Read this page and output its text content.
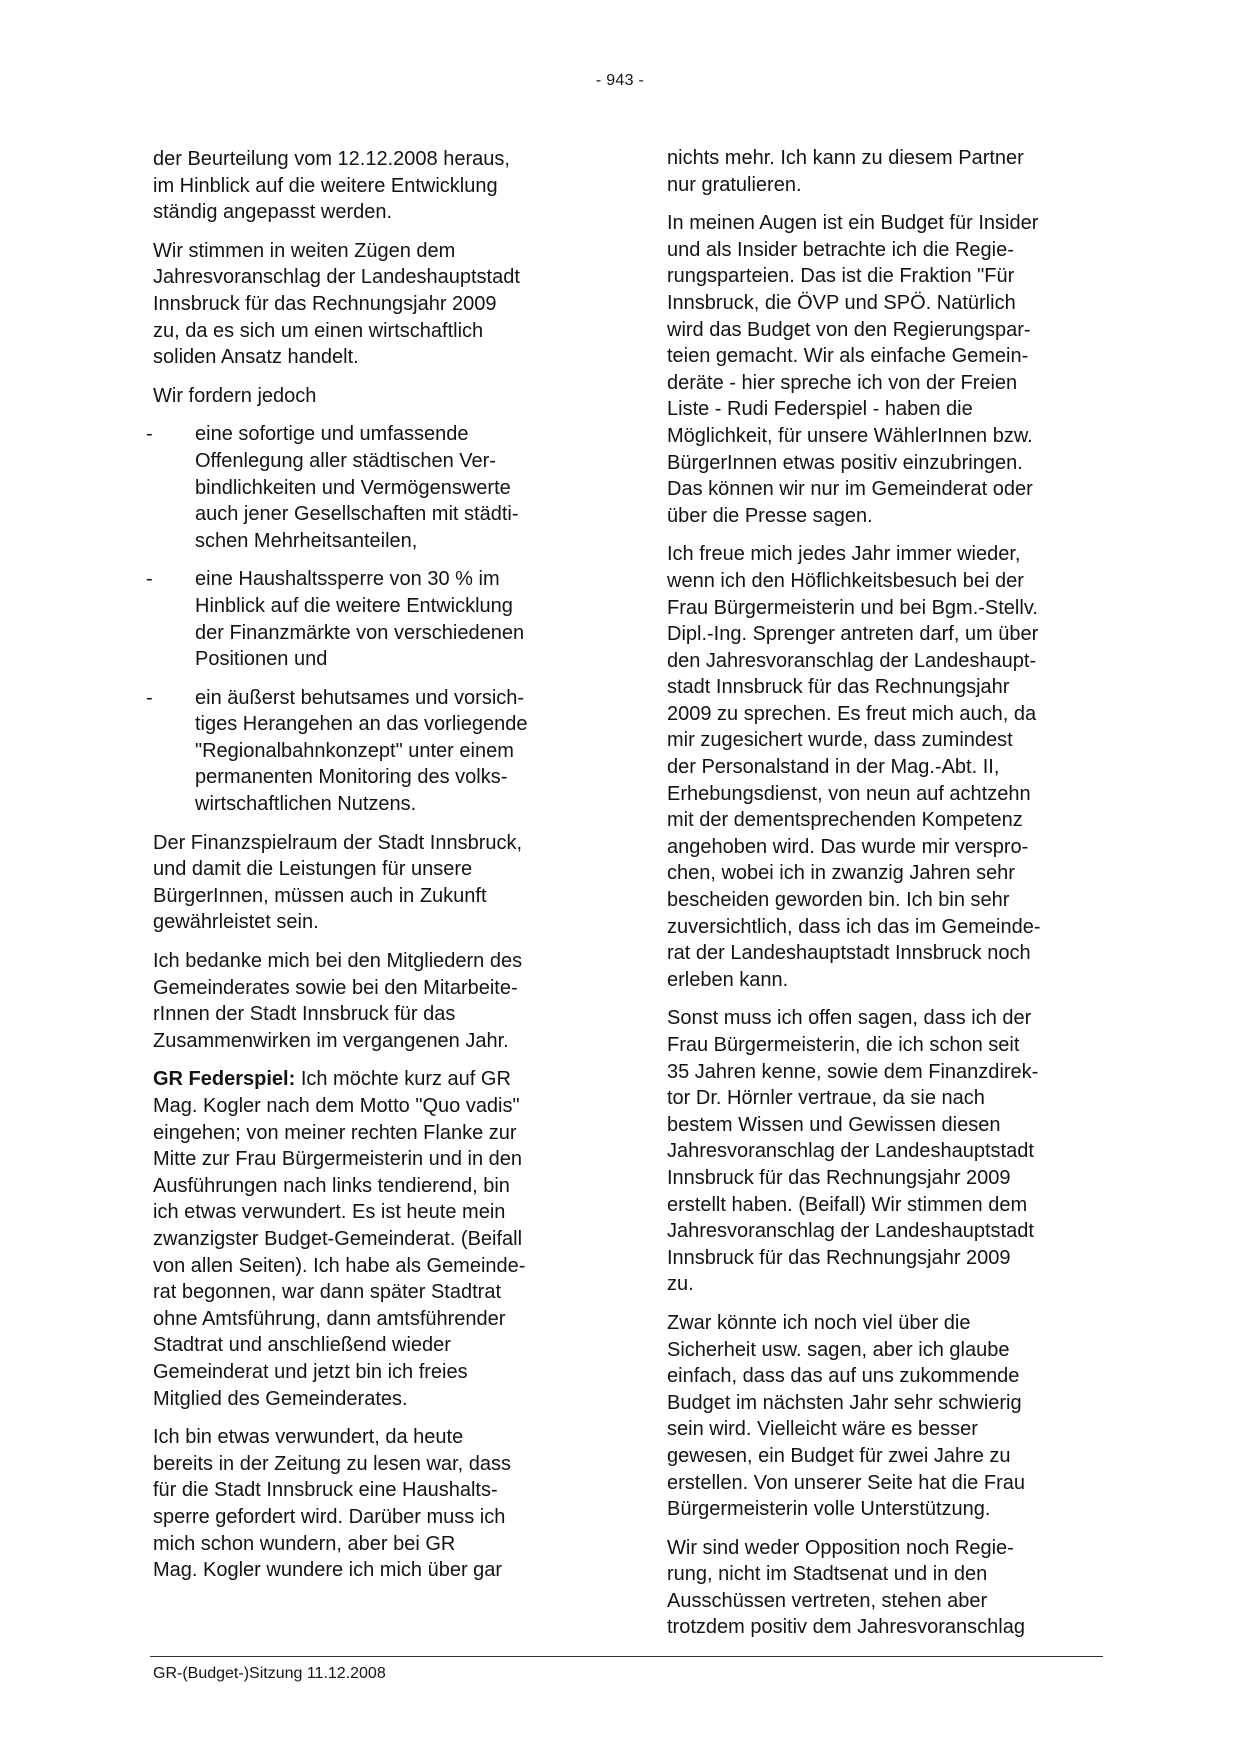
- 943 -

der Beurteilung vom 12.12.2008 heraus,
im Hinblick auf die weitere Entwicklung
ständig angepasst werden.

Wir stimmen in weiten Zügen dem
Jahresvoranschlag der Landeshauptstadt
Innsbruck für das Rechnungsjahr 2009
zu, da es sich um einen wirtschaftlich
soliden Ansatz handelt.

Wir fordern jedoch

- eine sofortige und umfassende
Offenlegung aller städtischen Ver-
bindlichkeiten und Vermögenswerte
auch jener Gesellschaften mit städti-
schen Mehrheitsanteilen,
- eine Haushaltssperre von 30 % im
Hinblick auf die weitere Entwicklung
der Finanzmärkte von verschiedenen
Positionen und
- ein äußerst behutsames und vorsich-
tiges Herangehen an das vorliegende
"Regionalbahnkonzept" unter einem
permanenten Monitoring des volks-
wirtschaftlichen Nutzens.

Der Finanzspielraum der Stadt Innsbruck,
und damit die Leistungen für unsere
BürgerInnen, müssen auch in Zukunft
gewährleistet sein.

Ich bedanke mich bei den Mitgliedern des
Gemeinderates sowie bei den Mitarbeite-
rInnen der Stadt Innsbruck für das
Zusammenwirken im vergangenen Jahr.

GR Federspiel: Ich möchte kurz auf GR
Mag. Kogler nach dem Motto "Quo vadis"
eingehen; von meiner rechten Flanke zur
Mitte zur Frau Bürgermeisterin und in den
Ausführungen nach links tendierend, bin
ich etwas verwundert. Es ist heute mein
zwanzigster Budget-Gemeinderat. (Beifall
von allen Seiten). Ich habe als Gemeinde-
rat begonnen, war dann später Stadtrat
ohne Amtsführung, dann amtsführender
Stadtrat und anschließend wieder
Gemeinderat und jetzt bin ich freies
Mitglied des Gemeinderates.

Ich bin etwas verwundert, da heute
bereits in der Zeitung zu lesen war, dass
für die Stadt Innsbruck eine Haushalts-
sperre gefordert wird. Darüber muss ich
mich schon wundern, aber bei GR
Mag. Kogler wundere ich mich über gar

nichts mehr. Ich kann zu diesem Partner
nur gratulieren.

In meinen Augen ist ein Budget für Insider
und als Insider betrachte ich die Regie-
rungsparteien. Das ist die Fraktion "Für
Innsbruck, die ÖVP und SPÖ. Natürlich
wird das Budget von den Regierungspar-
teien gemacht. Wir als einfache Gemein-
deräte - hier spreche ich von der Freien
Liste - Rudi Federspiel - haben die
Möglichkeit, für unsere WählerInnen bzw.
BürgerInnen etwas positiv einzubringen.
Das können wir nur im Gemeinderat oder
über die Presse sagen.

Ich freue mich jedes Jahr immer wieder,
wenn ich den Höflichkeitsbesuch bei der
Frau Bürgermeisterin und bei Bgm.-Stellv.
Dipl.-Ing. Sprenger antreten darf, um über
den Jahresvoranschlag der Landeshaupt-
stadt Innsbruck für das Rechnungsjahr
2009 zu sprechen. Es freut mich auch, da
mir zugesichert wurde, dass zumindest
der Personalstand in der Mag.-Abt. II,
Erhebungsdienst, von neun auf achtzehn
mit der dementsprechenden Kompetenz
angehoben wird. Das wurde mir verspro-
chen, wobei ich in zwanzig Jahren sehr
bescheiden geworden bin. Ich bin sehr
zuversichtlich, dass ich das im Gemeinde-
rat der Landeshauptstadt Innsbruck noch
erleben kann.

Sonst muss ich offen sagen, dass ich der
Frau Bürgermeisterin, die ich schon seit
35 Jahren kenne, sowie dem Finanzdirek-
tor Dr. Hörnler vertraue, da sie nach
bestem Wissen und Gewissen diesen
Jahresvoranschlag der Landeshauptstadt
Innsbruck für das Rechnungsjahr 2009
erstellt haben. (Beifall) Wir stimmen dem
Jahresvoranschlag der Landeshauptstadt
Innsbruck für das Rechnungsjahr 2009
zu.

Zwar könnte ich noch viel über die
Sicherheit usw. sagen, aber ich glaube
einfach, dass das auf uns zukommende
Budget im nächsten Jahr sehr schwierig
sein wird. Vielleicht wäre es besser
gewesen, ein Budget für zwei Jahre zu
erstellen. Von unserer Seite hat die Frau
Bürgermeisterin volle Unterstützung.

Wir sind weder Opposition noch Regie-
rung, nicht im Stadtsenat und in den
Ausschüssen vertreten, stehen aber
trotzdem positiv dem Jahresvoranschlag

GR-(Budget-)Sitzung 11.12.2008
